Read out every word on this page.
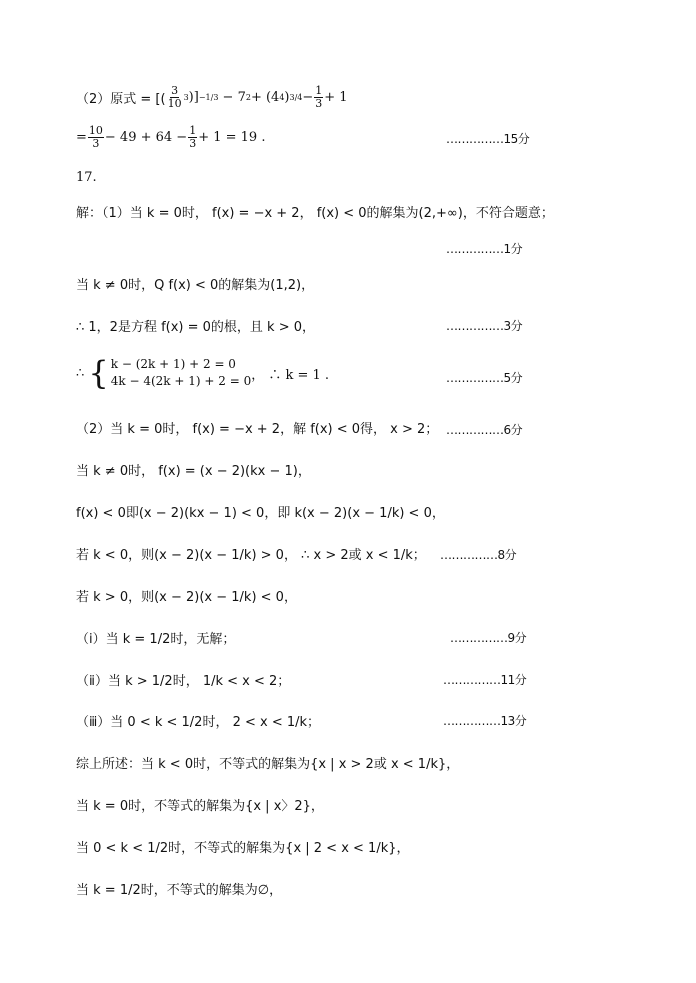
（2）原式 = [( $\frac{3}{10} 3$ )] −1/3 − 7 2 + (4 4 ) $3/4 - \frac{1}{3} + 1$
= $\frac{10}{3} - 49 + 64 - \frac{1}{3} + 1 = 19$ .	……………15分
17.
解：（1）当 k = 0时， f(x) = −x + 2， f(x) < 0的解集为(2,+∞)，不符合题意；
……………1分
当 k ≠ 0时，Q f(x) < 0的解集为(1,2)，
∴ 1，2是方程 f(x) = 0的根，且 k > 0，	……………3分
∴ { k − (2k + 1) + 2 = 0
4k − 4(2k + 1) + 2 = 0 ， ∴ k = 1 .	……………5分
（2）当 k = 0时， f(x) = −x + 2，解 f(x) < 0得， x > 2； ……………6分
当 k ≠ 0时， f(x) = (x − 2)(kx − 1)，
f(x) < 0即(x − 2)(kx − 1) < 0，即 k(x − 2)(x − 1/k) < 0，
若 k < 0，则(x − 2)(x − 1/k) > 0， ∴ x > 2或 x < 1/k； ……………8分
若 k > 0，则(x − 2)(x − 1/k) < 0，
（ⅰ）当 k = 1/2时，无解；	……………9分
（ⅱ）当 k > 1/2时， 1/k < x < 2；	……………11分
（ⅲ）当 0 < k < 1/2时， 2 < x < 1/k；	……………13分
综上所述：当 k < 0时，不等式的解集为{x | x > 2或 x < 1/k}，
当 k = 0时，不等式的解集为{x | x〉2}，
当 0 < k < 1/2时，不等式的解集为{x | 2 < x < 1/k}，
当 k = 1/2时，不等式的解集为∅，
